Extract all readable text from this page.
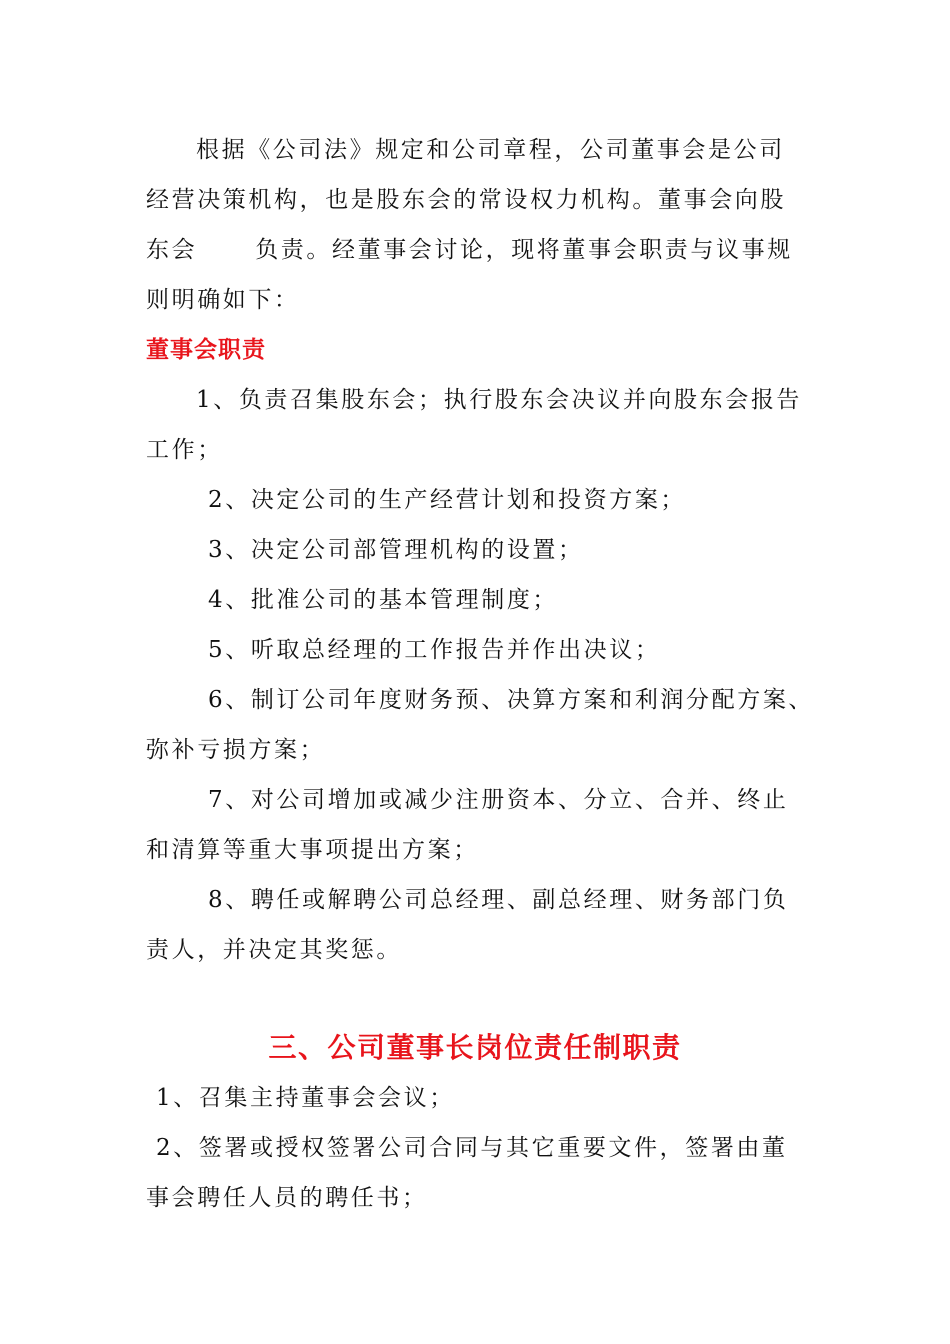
根据《公司法》规定和公司章程，公司董事会是公司

经营决策机构，也是股东会的常设权力机构。董事会向股

东会	负责。经董事会讨论，现将董事会职责与议事规

则明确如下：

董事会职责

1、负责召集股东会；执行股东会决议并向股东会报告

工作；

2、决定公司的生产经营计划和投资方案；

3、决定公司部管理机构的设置；

4、批准公司的基本管理制度；

5、听取总经理的工作报告并作出决议；

6、制订公司年度财务预、决算方案和利润分配方案、

弥补亏损方案；

7、对公司增加或减少注册资本、分立、合并、终止

和清算等重大事项提出方案；

8、聘任或解聘公司总经理、副总经理、财务部门负

责人，并决定其奖惩。

三、公司董事长岗位责任制职责

1、召集主持董事会会议；

2、签署或授权签署公司合同与其它重要文件，签署由董

事会聘任人员的聘任书；
